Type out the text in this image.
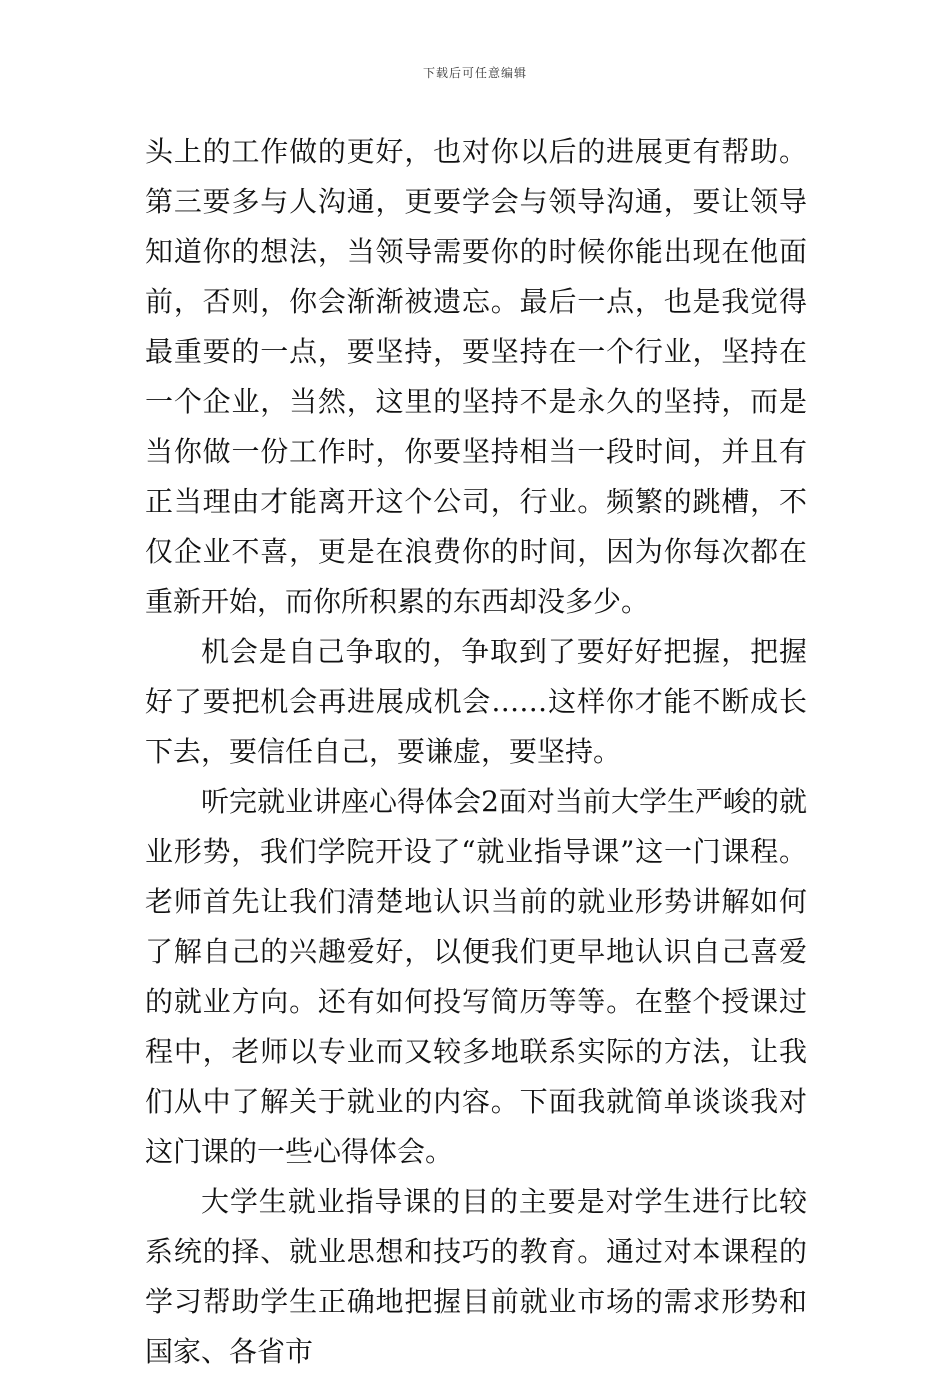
下载后可任意编辑

头上的工作做的更好，也对你以后的进展更有帮助。第三要多与人沟通，更要学会与领导沟通，要让领导知道你的想法，当领导需要你的时候你能出现在他面前，否则，你会渐渐被遗忘。最后一点，也是我觉得最重要的一点，要坚持，要坚持在一个行业，坚持在一个企业，当然，这里的坚持不是永久的坚持，而是当你做一份工作时，你要坚持相当一段时间，并且有正当理由才能离开这个公司，行业。频繁的跳槽，不仅企业不喜，更是在浪费你的时间，因为你每次都在重新开始，而你所积累的东西却没多少。

机会是自己争取的，争取到了要好好把握，把握好了要把机会再进展成机会……这样你才能不断成长下去，要信任自己，要谦虚，要坚持。

听完就业讲座心得体会2面对当前大学生严峻的就业形势，我们学院开设了“就业指导课”这一门课程。老师首先让我们清楚地认识当前的就业形势讲解如何了解自己的兴趣爱好，以便我们更早地认识自己喜爱的就业方向。还有如何投写简历等等。在整个授课过程中，老师以专业而又较多地联系实际的方法，让我们从中了解关于就业的内容。下面我就简单谈谈我对这门课的一些心得体会。

大学生就业指导课的目的主要是对学生进行比较系统的择、就业思想和技巧的教育。通过对本课程的学习帮助学生正确地把握目前就业市场的需求形势和国家、各省市
